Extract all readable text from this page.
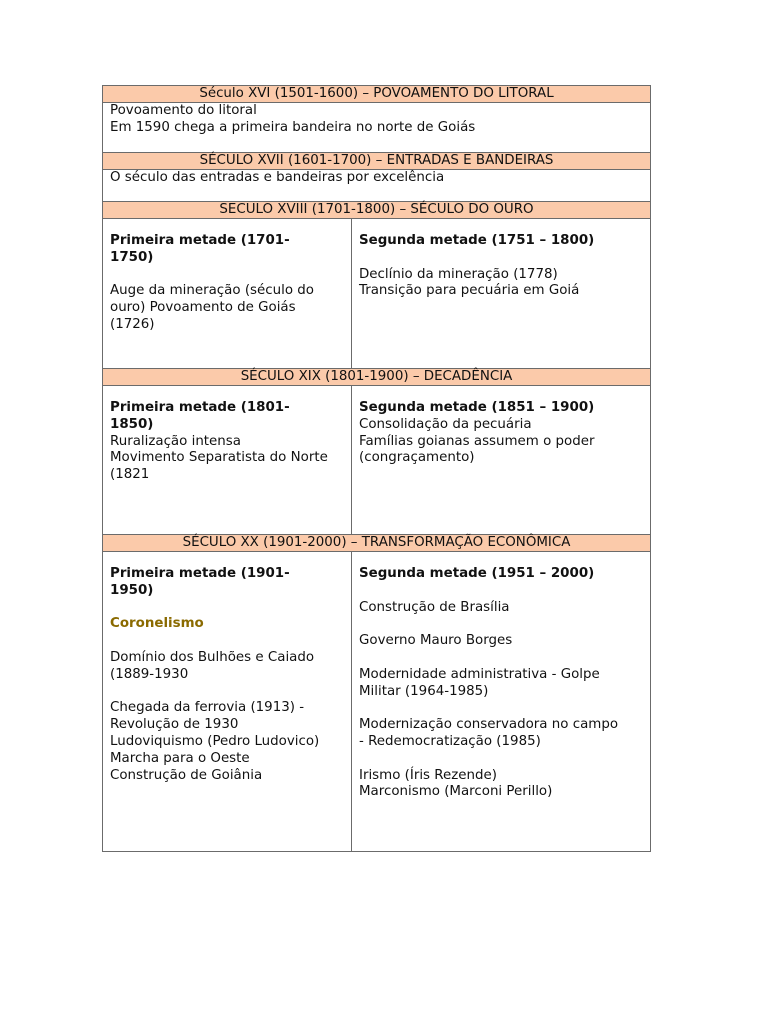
Século XVI (1501-1600) – POVOAMENTO DO LITORAL
Povoamento do litoral
Em 1590 chega a primeira bandeira no norte de Goiás
SÉCULO XVII (1601-1700) – ENTRADAS E BANDEIRAS
O século das entradas e bandeiras por excelência
SECULO XVIII (1701-1800) – SÉCULO DO OURO
Primeira metade (1701-
1750)
Auge da mineração (século do
ouro) Povoamento de Goiás
(1726)
Segunda metade (1751 – 1800)
Declínio da mineração (1778)
Transição para pecuária em Goiá
SÉCULO XIX (1801-1900) – DECADÊNCIA
Primeira metade (1801-
1850)
Ruralização intensa
Movimento Separatista do Norte
(1821
Segunda metade (1851 – 1900)
Consolidação da pecuária
Famílias goianas assumem o poder
(congraçamento)
SÉCULO XX (1901-2000) – TRANSFORMAÇÃO ECONÔMICA
Primeira metade (1901-
1950)
Coronelismo
Domínio dos Bulhões e Caiado
(1889-1930
Chegada da ferrovia (1913) -
Revolução de 1930
Ludoviquismo (Pedro Ludovico)
Marcha para o Oeste
Construção de Goiânia
Segunda metade (1951 – 2000)
Construção de Brasília
Governo Mauro Borges
Modernidade administrativa - Golpe
Militar (1964-1985)
Modernização conservadora no campo
- Redemocratização (1985)
Irismo (Íris Rezende)
Marconismo (Marconi Perillo)
